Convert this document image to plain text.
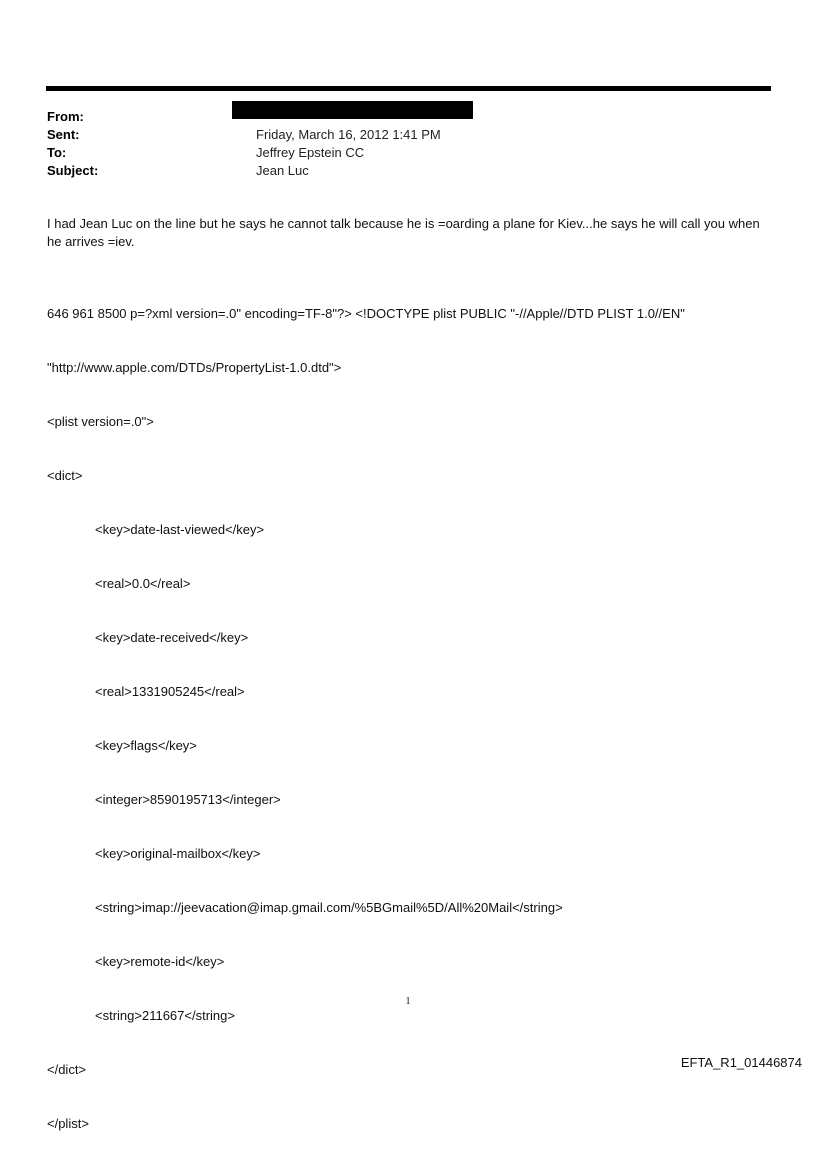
From:
Sent:	Friday, March 16, 2012 1:41 PM
To:	Jeffrey Epstein CC
Subject:	Jean Luc

I had Jean Luc on the line but he says he cannot talk because he is =oarding a plane for Kiev...he says he will call you when he arrives =iev.

646 961 8500 p=?xml version=.0" encoding=TF-8"?> <!DOCTYPE plist PUBLIC "-//Apple//DTD PLIST 1.0//EN"

"http://www.apple.com/DTDs/PropertyList-1.0.dtd">

<plist version=.0">

<dict>

<key>date-last-viewed</key>

<real>0.0</real>

<key>date-received</key>

<real>1331905245</real>

<key>flags</key>

<integer>8590195713</integer>

<key>original-mailbox</key>

<string>imap://jeevacation@imap.gmail.com/%5BGmail%5D/All%20Mail</string>

<key>remote-id</key>

<string>211667</string>

</dict>

</plist>

1
EFTA_R1_01446874
